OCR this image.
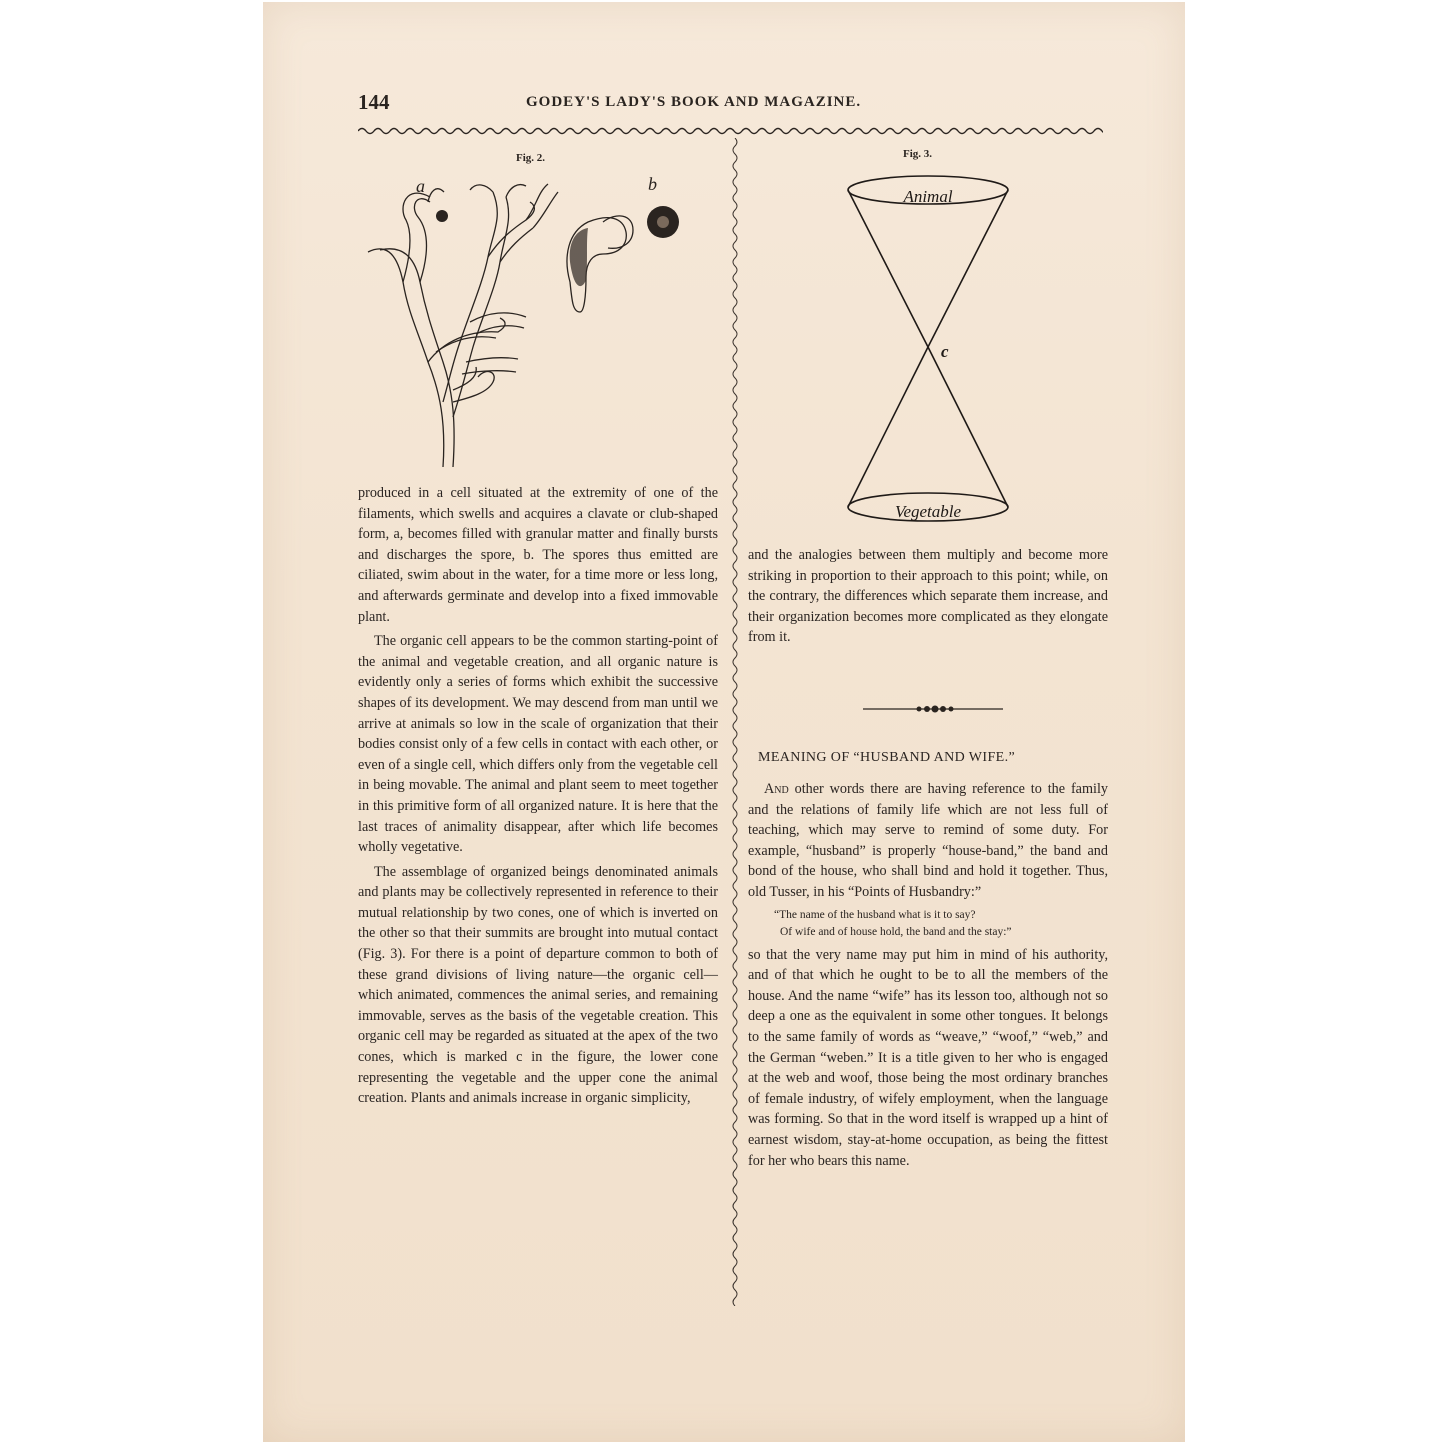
144	GODEY'S LADY'S BOOK AND MAGAZINE.
Fig. 2.
a	b
Fig. 3.
Animal
c
Vegetable

produced in a cell situated at the extremity of one of the filaments, which swells and acquires a clavate or club-shaped form, a, becomes filled with granular matter and finally bursts and discharges the spore, b. The spores thus emitted are ciliated, swim about in the water, for a time more or less long, and afterwards germinate and develop into a fixed immovable plant.

The organic cell appears to be the common starting-point of the animal and vegetable creation, and all organic nature is evidently only a series of forms which exhibit the successive shapes of its development. We may descend from man until we arrive at animals so low in the scale of organization that their bodies consist only of a few cells in contact with each other, or even of a single cell, which differs only from the vegetable cell in being movable. The animal and plant seem to meet together in this primitive form of all organized nature. It is here that the last traces of animality disappear, after which life becomes wholly vegetative.

The assemblage of organized beings denominated animals and plants may be collectively represented in reference to their mutual relationship by two cones, one of which is inverted on the other so that their summits are brought into mutual contact (Fig. 3). For there is a point of departure common to both of these grand divisions of living nature—the organic cell—which animated, commences the animal series, and remaining immovable, serves as the basis of the vegetable creation. This organic cell may be regarded as situated at the apex of the two cones, which is marked c in the figure, the lower cone representing the vegetable and the upper cone the animal creation. Plants and animals increase in organic simplicity,

and the analogies between them multiply and become more striking in proportion to their approach to this point; while, on the contrary, the differences which separate them increase, and their organization becomes more complicated as they elongate from it.

MEANING OF “HUSBAND AND WIFE.”

And other words there are having reference to the family and the relations of family life which are not less full of teaching, which may serve to remind of some duty. For example, “husband” is properly “house-band,” the band and bond of the house, who shall bind and hold it together. Thus, old Tusser, in his “Points of Husbandry:”

“The name of the husband what is it to say?
Of wife and of house hold, the band and the stay:”

so that the very name may put him in mind of his authority, and of that which he ought to be to all the members of the house. And the name “wife” has its lesson too, although not so deep a one as the equivalent in some other tongues. It belongs to the same family of words as “weave,” “woof,” “web,” and the German “weben.” It is a title given to her who is engaged at the web and woof, those being the most ordinary branches of female industry, of wifely employment, when the language was forming. So that in the word itself is wrapped up a hint of earnest wisdom, stay-at-home occupation, as being the fittest for her who bears this name.
